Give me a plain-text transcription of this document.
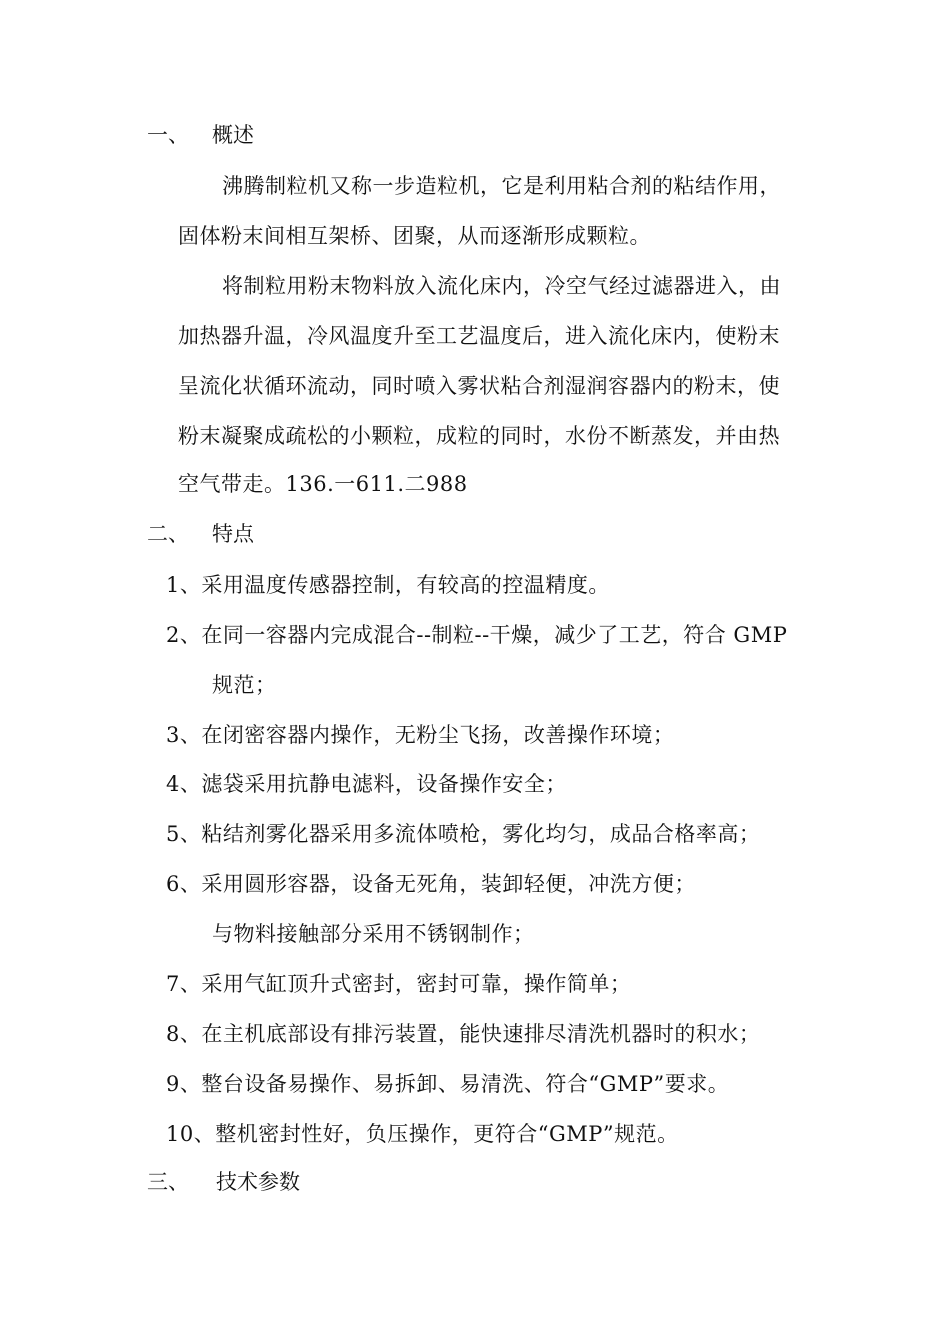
一、 概述
沸腾制粒机又称一步造粒机，它是利用粘合剂的粘结作用，
固体粉末间相互架桥、团聚，从而逐渐形成颗粒。
将制粒用粉末物料放入流化床内，冷空气经过滤器进入，由
加热器升温，冷风温度升至工艺温度后，进入流化床内，使粉末
呈流化状循环流动，同时喷入雾状粘合剂湿润容器内的粉末，使
粉末凝聚成疏松的小颗粒，成粒的同时，水份不断蒸发，并由热
空气带走。136.一611.二988
二、 特点
1、采用温度传感器控制，有较高的控温精度。
2、在同一容器内完成混合--制粒--干燥，减少了工艺，符合 GMP
规范；
3、在闭密容器内操作，无粉尘飞扬，改善操作环境；
4、滤袋采用抗静电滤料，设备操作安全；
5、粘结剂雾化器采用多流体喷枪，雾化均匀，成品合格率高；
6、采用圆形容器，设备无死角，装卸轻便，冲洗方便；
与物料接触部分采用不锈钢制作；
7、采用气缸顶升式密封，密封可靠，操作简单；
8、在主机底部设有排污装置，能快速排尽清洗机器时的积水；
9、整台设备易操作、易拆卸、易清洗、符合“GMP”要求。
10、整机密封性好，负压操作，更符合“GMP”规范。
三、 技术参数
